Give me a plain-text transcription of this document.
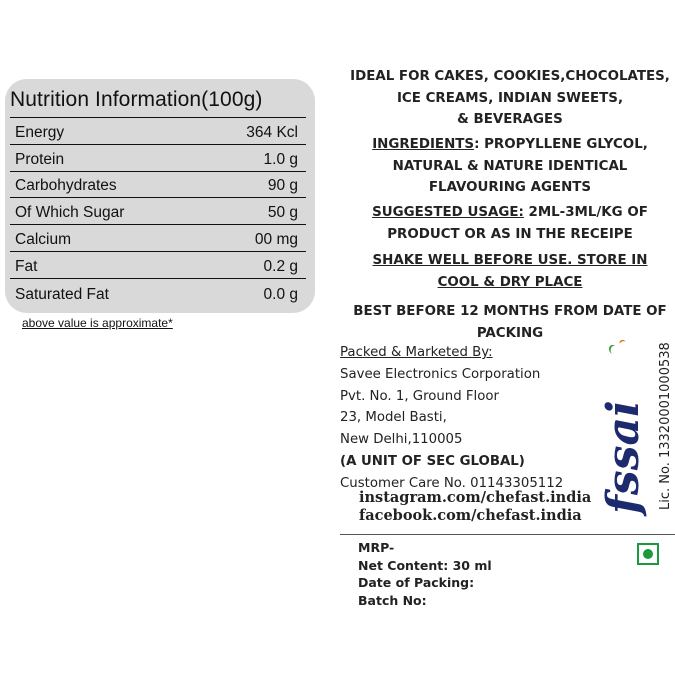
Nutrition Information(100g)
Energy	364 Kcl
Protein	1.0 g
Carbohydrates	90 g
Of Which Sugar	50 g
Calcium	00 mg
Fat	0.2 g
Saturated Fat	0.0 g
above value is approximate*
IDEAL FOR CAKES, COOKIES,CHOCOLATES,
ICE CREAMS, INDIAN SWEETS,
& BEVERAGES
INGREDIENTS: PROPYLLENE GLYCOL,
NATURAL & NATURE IDENTICAL
FLAVOURING AGENTS
SUGGESTED USAGE: 2ML-3ML/KG OF
PRODUCT OR AS IN THE RECEIPE
SHAKE WELL BEFORE USE. STORE IN
COOL & DRY PLACE
BEST BEFORE 12 MONTHS FROM DATE OF
PACKING
Packed & Marketed By:
Savee Electronics Corporation
Pvt. No. 1, Ground Floor
23, Model Basti,
New Delhi,110005
(A UNIT OF SEC GLOBAL)
Customer Care No. 01143305112
instagram.com/chefast.india
facebook.com/chefast.india
fssai Lic. No. 13320001000538
MRP-
Net Content: 30 ml
Date of Packing:
Batch No:
